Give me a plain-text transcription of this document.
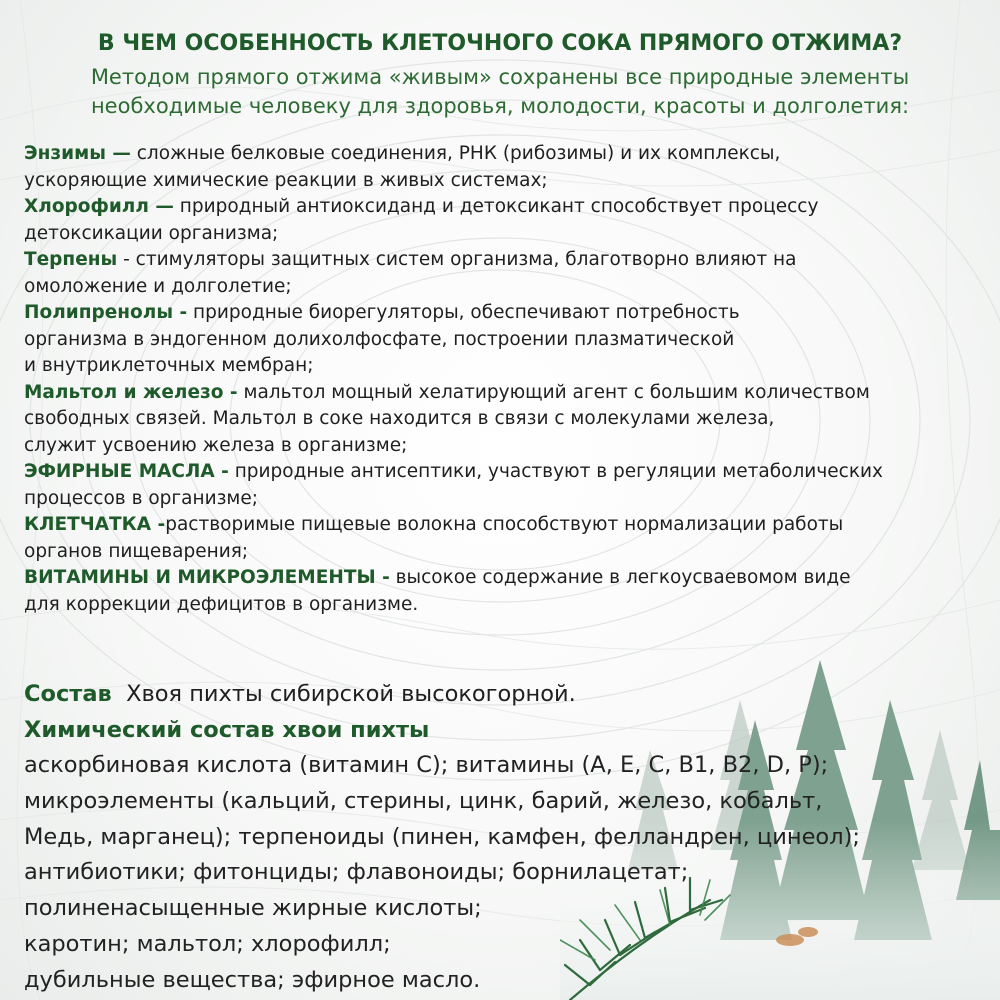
В ЧЕМ ОСОБЕННОСТЬ КЛЕТОЧНОГО СОКА ПРЯМОГО ОТЖИМА?
Методом прямого отжима «живым» сохранены все природные элементы
необходимые человеку для здоровья, молодости, красоты и долголетия:
Энзимы — сложные белковые соединения, РНК (рибозимы) и их комплексы,
ускоряющие химические реакции в живых системах;
Хлорофилл — природный антиоксиданд и детоксикант способствует процессу
детоксикации организма;
Терпены - стимуляторы защитных систем организма, благотворно влияют на
омоложение и долголетие;
Полипренолы - природные биорегуляторы, обеспечивают потребность
организма в эндогенном долихолфосфате, построении плазматической
и внутриклеточных мембран;
Мальтол и железо - мальтол мощный хелатирующий агент с большим количеством
свободных связей. Мальтол в соке находится в связи с молекулами железа,
служит усвоению железа в организме;
ЭФИРНЫЕ МАСЛА - природные антисептики, участвуют в регуляции метаболических
процессов в организме;
КЛЕТЧАТКА -растворимые пищевые волокна способствуют нормализации работы
органов пищеварения;
ВИТАМИНЫ И МИКРОЭЛЕМЕНТЫ - высокое содержание в легкоусваевомом виде
для коррекции дефицитов в организме.

Состав Хвоя пихты сибирской высокогорной.

Химический состав хвои пихты

аскорбиновая кислота (витамин С); витамины (А, Е, С, В1, В2, D, Р);
микроэлементы (кальций, стерины, цинк, барий, железо, кобальт,
Медь, марганец); терпеноиды (пинен, камфен, фелландрен, цинеол);
антибиотики; фитонциды; флавоноиды; борнилацетат;
полиненасыщенные жирные кислоты;
каротин; мальтол; хлорофилл;
дубильные вещества; эфирное масло.
